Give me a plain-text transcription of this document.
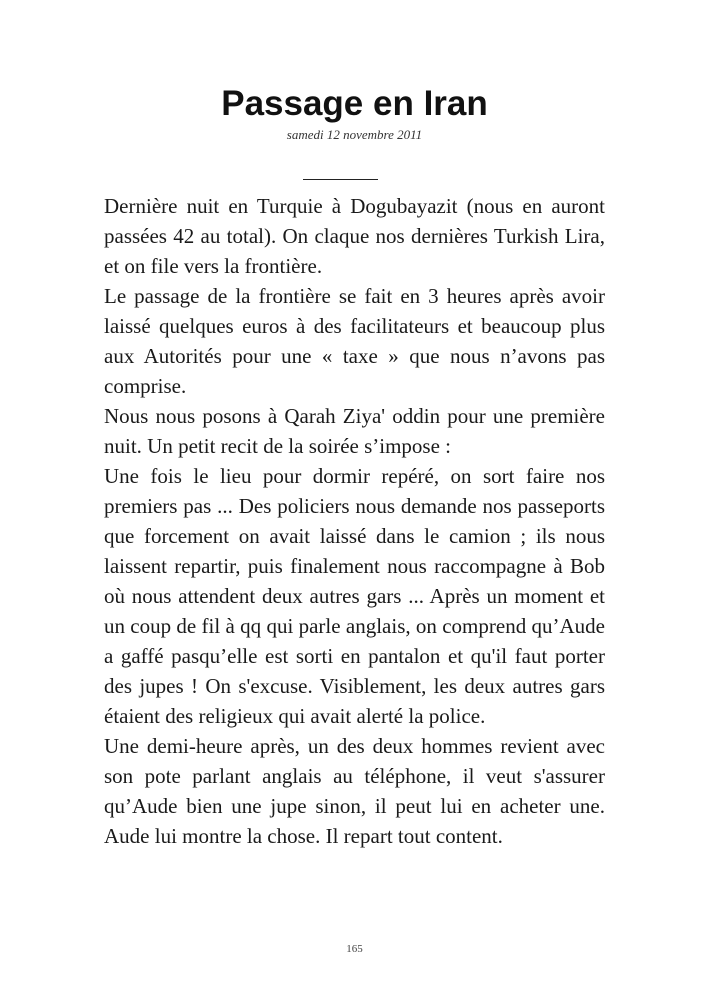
Passage en Iran
samedi 12 novembre 2011

Dernière nuit en Turquie à Dogubayazit (nous en auront passées 42 au total). On claque nos dernières Turkish Lira, et on file vers la frontière.

Le passage de la frontière se fait en 3 heures après avoir laissé quelques euros à des facilitateurs et beaucoup plus aux Autorités pour une « taxe » que nous n’avons pas comprise.

Nous nous posons à Qarah Ziya' oddin pour une première nuit. Un petit recit de la soirée s’impose :

Une fois le lieu pour dormir repéré, on sort faire nos premiers pas ... Des policiers nous demande nos passeports que forcement on avait laissé dans le camion ; ils nous laissent repartir, puis finalement nous raccompagne à Bob où nous attendent deux autres gars ... Après un moment et un coup de fil à qq qui parle anglais, on comprend qu’Aude a gaffé pasqu’elle est sorti en pantalon et qu'il faut porter des jupes ! On s'excuse. Visiblement, les deux autres gars étaient des religieux qui avait alerté la police.

Une demi-heure après, un des deux hommes revient avec son pote parlant anglais au téléphone, il veut s'assurer qu’Aude bien une jupe sinon, il peut lui en acheter une. Aude lui montre la chose. Il repart tout content.

165
